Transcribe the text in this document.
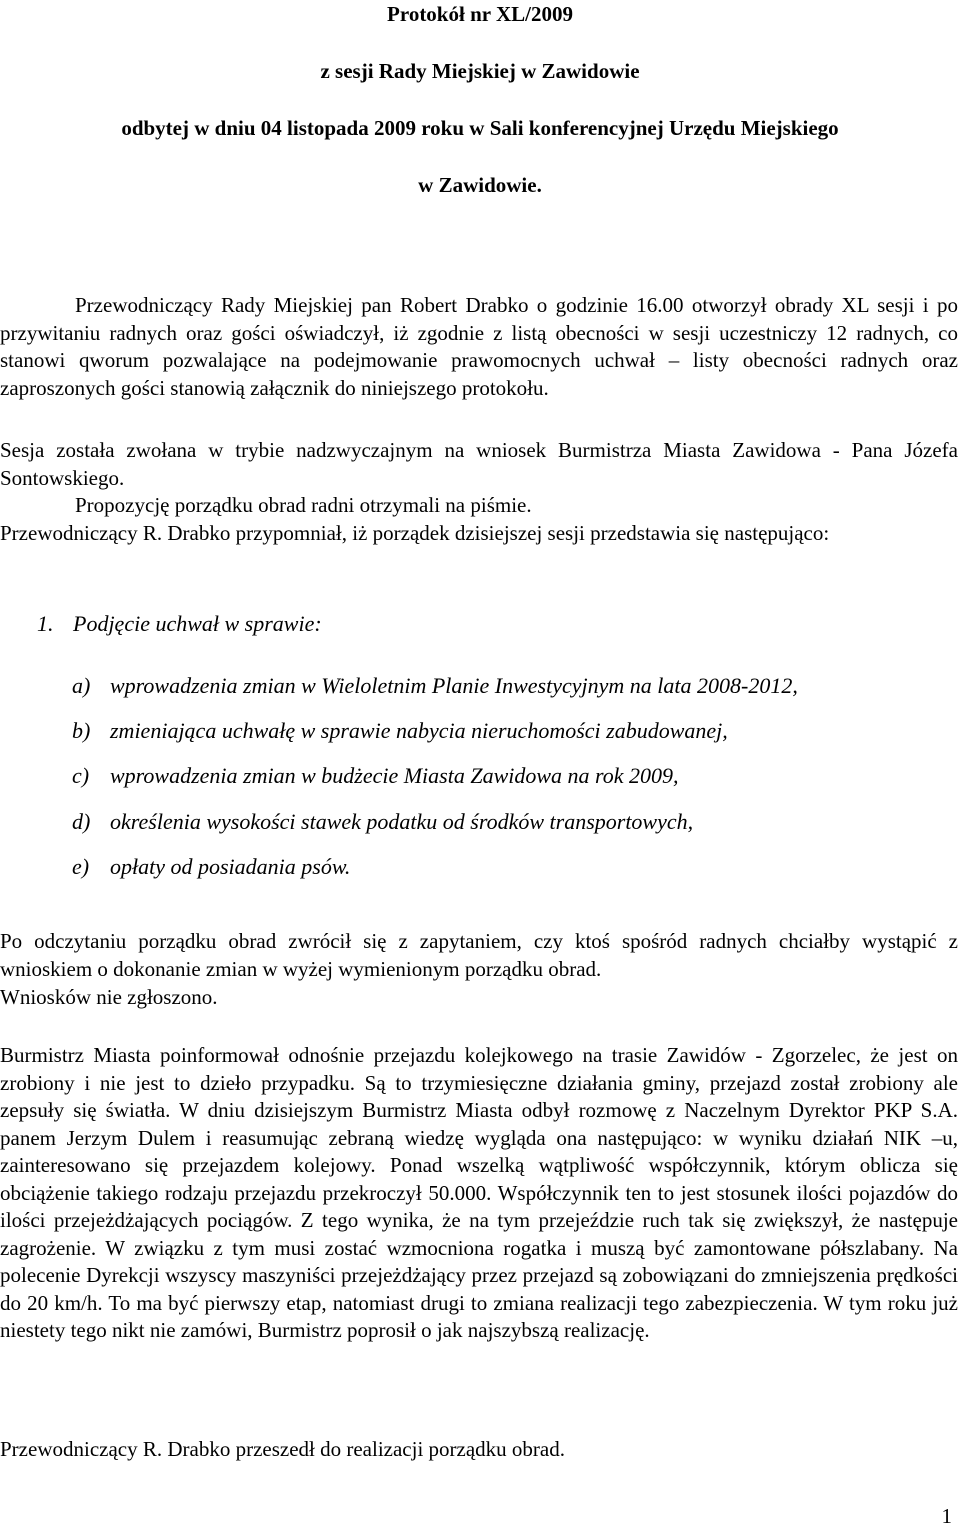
Protokół nr XL/2009
z sesji Rady Miejskiej w Zawidowie
odbytej w dniu 04 listopada 2009 roku w Sali konferencyjnej Urzędu Miejskiego
w Zawidowie.
Przewodniczący Rady Miejskiej pan Robert Drabko o godzinie 16.00 otworzył obrady XL sesji i po przywitaniu radnych oraz gości oświadczył, iż zgodnie z listą obecności w sesji uczestniczy 12 radnych, co stanowi qworum pozwalające na podejmowanie prawomocnych uchwał – listy obecności radnych oraz zaproszonych gości stanowią załącznik do niniejszego protokołu.
Sesja została zwołana w trybie nadzwyczajnym na wniosek Burmistrza Miasta Zawidowa - Pana Józefa Sontowskiego.
Propozycję porządku obrad radni otrzymali na piśmie.
Przewodniczący R. Drabko przypomniał, iż porządek dzisiejszej sesji przedstawia się następująco:
1. Podjęcie uchwał w sprawie:
a) wprowadzenia zmian w Wieloletnim Planie Inwestycyjnym na lata 2008-2012,
b) zmieniająca uchwałę w sprawie nabycia nieruchomości zabudowanej,
c) wprowadzenia zmian w budżecie Miasta Zawidowa na rok 2009,
d) określenia wysokości stawek podatku od środków transportowych,
e) opłaty od posiadania psów.
Po odczytaniu porządku obrad zwrócił się z zapytaniem, czy ktoś spośród radnych chciałby wystąpić z wnioskiem o dokonanie zmian w wyżej wymienionym porządku obrad.
Wniosków nie zgłoszono.
Burmistrz Miasta poinformował odnośnie przejazdu kolejkowego na trasie Zawidów - Zgorzelec, że jest on zrobiony i nie jest to dzieło przypadku. Są to trzymiesięczne działania gminy, przejazd został zrobiony ale zepsuły się światła. W dniu dzisiejszym Burmistrz Miasta odbył rozmowę z Naczelnym Dyrektor PKP S.A. panem Jerzym Dulem i reasumując zebraną wiedzę wygląda ona następująco: w wyniku działań NIK –u, zainteresowano się przejazdem kolejowy. Ponad wszelką wątpliwość współczynnik, którym oblicza się obciążenie takiego rodzaju przejazdu przekroczył 50.000. Współczynnik ten to jest stosunek ilości pojazdów do ilości przejeżdżających pociągów. Z tego wynika, że na tym przejeździe ruch tak się zwiększył, że następuje zagrożenie. W związku z tym musi zostać wzmocniona rogatka i muszą być zamontowane półszlabany. Na polecenie Dyrekcji wszyscy maszyniści przejeżdżający przez przejazd są zobowiązani do zmniejszenia prędkości do 20 km/h. To ma być pierwszy etap, natomiast drugi to zmiana realizacji tego zabezpieczenia. W tym roku już niestety tego nikt nie zamówi, Burmistrz poprosił o jak najszybszą realizację.
Przewodniczący R. Drabko przeszedł do realizacji porządku obrad.
1
